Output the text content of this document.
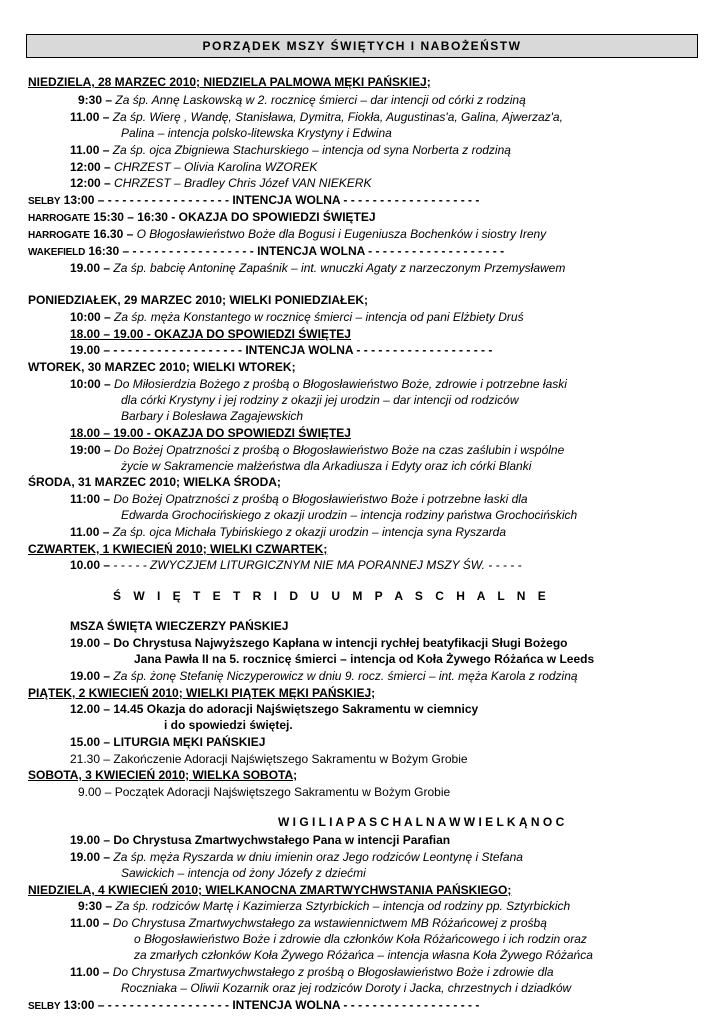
PORZĄDEK MSZY ŚWIĘTYCH I NABOŻEŃSTW
NIEDZIELA, 28 MARZEC 2010; NIEDZIELA PALMOWA MĘKI PAŃSKIEJ;
9:30 – Za śp. Annę Laskowską w 2. rocznicę śmierci – dar intencji od córki z rodziną
11.00 – Za śp. Wierę , Wandę, Stanisława, Dymitra, Fiokła, Augustinas'a, Galina, Ajwerzaz'a,
Palina – intencja polsko-litewska Krystyny i Edwina
11.00 – Za śp. ojca Zbigniewa Stachurskiego – intencja od syna Norberta z rodziną
12:00 – CHRZEST – Olivia Karolina WZOREK
12:00 – CHRZEST – Bradley Chris Józef VAN NIEKERK
SELBY 13:00 – - - - - - - - - - - - - - - - - - INTENCJA WOLNA - - - - - - - - - - - - - - - - - - -
HARROGATE 15:30 – 16:30 - OKAZJA DO SPOWIEDZI ŚWIĘTEJ
HARROGATE 16.30 – O Błogosławieństwo Boże dla Bogusi i Eugeniusza Bochenków i siostry Ireny
WAKEFIELD 16:30 – - - - - - - - - - - - - - - - - - INTENCJA WOLNA - - - - - - - - - - - - - - - - - - -
19.00 – Za śp. babcię Antoninę Zapaśnik – int. wnuczki Agaty z narzeczonym Przemysławem
PONIEDZIAŁEK, 29 MARZEC 2010; WIELKI PONIEDZIAŁEK;
10:00 – Za śp. męża Konstantego w rocznicę śmierci – intencja od pani Elżbiety Druś
18.00 – 19.00 - OKAZJA DO SPOWIEDZI ŚWIĘTEJ
19.00 – - - - - - - - - - - - - - - - - - - INTENCJA WOLNA - - - - - - - - - - - - - - - - - - -
WTOREK, 30 MARZEC 2010; WIELKI WTOREK;
10:00 – Do Miłosierdzia Bożego z prośbą o Błogosławieństwo Boże, zdrowie i potrzebne łaski
dla córki Krystyny i jej rodziny z okazji jej urodzin – dar intencji od rodziców
Barbary i Bolesława Zagajewskich
18.00 – 19.00 - OKAZJA DO SPOWIEDZI ŚWIĘTEJ
19:00 – Do Bożej Opatrzności z prośbą o Błogosławieństwo Boże na czas zaślubin i wspólne
życie w Sakramencie małżeństwa dla Arkadiusza i Edyty oraz ich córki Blanki
ŚRODA, 31 MARZEC 2010; WIELKA ŚRODA;
11:00 – Do Bożej Opatrzności z prośbą o Błogosławieństwo Boże i potrzebne łaski dla
Edwarda Grochocińskiego z okazji urodzin – intencja rodziny państwa Grochocińskich
11.00 – Za śp. ojca Michała Tybińskiego z okazji urodzin – intencja syna Ryszarda
CZWARTEK, 1 KWIECIEŃ 2010; WIELKI CZWARTEK;
10.00 – - - - - - ZWYCZJEM LITURGICZNYM NIE MA PORANNEJ MSZY ŚW. - - - - -
Ś W I Ę T E T R I D U U M P A S C H A L N E
MSZA ŚWIĘTA WIECZERZY PAŃSKIEJ
19.00 – Do Chrystusa Najwyższego Kapłana w intencji rychłej beatyfikacji Sługi Bożego
Jana Pawła II na 5. rocznicę śmierci – intencja od Koła Żywego Różańca w Leeds
19.00 – Za śp. żonę Stefanię Niczyperowicz w dniu 9. rocz. śmierci – int. męża Karola z rodziną
PIĄTEK, 2 KWIECIEŃ 2010; WIELKI PIĄTEK MĘKI PAŃSKIEJ;
12.00 – 14.45 Okazja do adoracji Najświętszego Sakramentu w ciemnicy
i do spowiedzi świętej.
15.00 – LITURGIA MĘKI PAŃSKIEJ
21.30 – Zakończenie Adoracji Najświętszego Sakramentu w Bożym Grobie
SOBOTA, 3 KWIECIEŃ 2010; WIELKA SOBOTA;
9.00 – Początek Adoracji Najświętszego Sakramentu w Bożym Grobie
W I G I L I A P A S C H A L N A W W I E L K Ą N O C
19.00 – Do Chrystusa Zmartwychwstałego Pana w intencji Parafian
19.00 – Za śp. męża Ryszarda w dniu imienin oraz Jego rodziców Leontynę i Stefana
Sawickich – intencja od żony Józefy z dziećmi
NIEDZIELA, 4 KWIECIEŃ 2010; WIELKANOCNA ZMARTWYCHWSTANIA PAŃSKIEGO;
9:30 – Za śp. rodziców Martę i Kazimierza Sztyrbickich – intencja od rodziny pp. Sztyrbickich
11.00 – Do Chrystusa Zmartwychwstałego za wstawiennictwem MB Różańcowej z prośbą
o Błogosławieństwo Boże i zdrowie dla członków Koła Różańcowego i ich rodzin oraz
za zmarłych członków Koła Żywego Różańca – intencja własna Koła Żywego Różańca
11.00 – Do Chrystusa Zmartwychwstałego z prośbą o Błogosławieństwo Boże i zdrowie dla
Roczniaka – Oliwii Kozarnik oraz jej rodziców Doroty i Jacka, chrzestnych i dziadków
SELBY 13:00 – - - - - - - - - - - - - - - - - - INTENCJA WOLNA - - - - - - - - - - - - - - - - - - -
